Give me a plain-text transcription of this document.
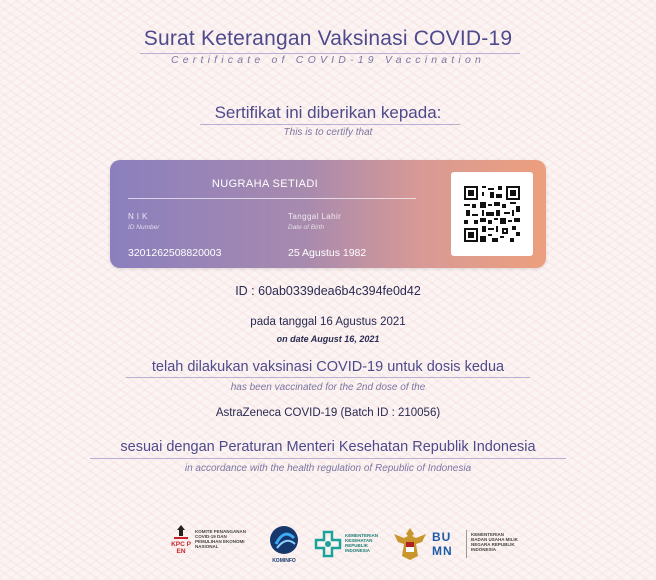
Surat Keterangan Vaksinasi COVID-19
Certificate of COVID-19 Vaccination
Sertifikat ini diberikan kepada:
This is to certify that
NUGRAHA SETIADI
N I K
ID Number
3201262508820003
Tanggal Lahir
Date of Birth
25 Agustus 1982
ID : 60ab0339dea6b4c394fe0d42
pada tanggal 16 Agustus 2021
on date August 16, 2021
telah dilakukan vaksinasi COVID-19 untuk dosis kedua
has been vaccinated for the 2nd dose of the
AstraZeneca COVID-19 (Batch ID : 210056)
sesuai dengan Peraturan Menteri Kesehatan Republik Indonesia
in accordance with the health regulation of Republic of Indonesia
KPC PEN
KOMITE PENANGANAN COVID-19 DAN PEMULIHAN EKONOMI NASIONAL
KOMINFO
KEMENTERIAN KESEHATAN REPUBLIK INDONESIA
BUMN
KEMENTERIAN BADAN USAHA MILIK NEGARA REPUBLIK INDONESIA
